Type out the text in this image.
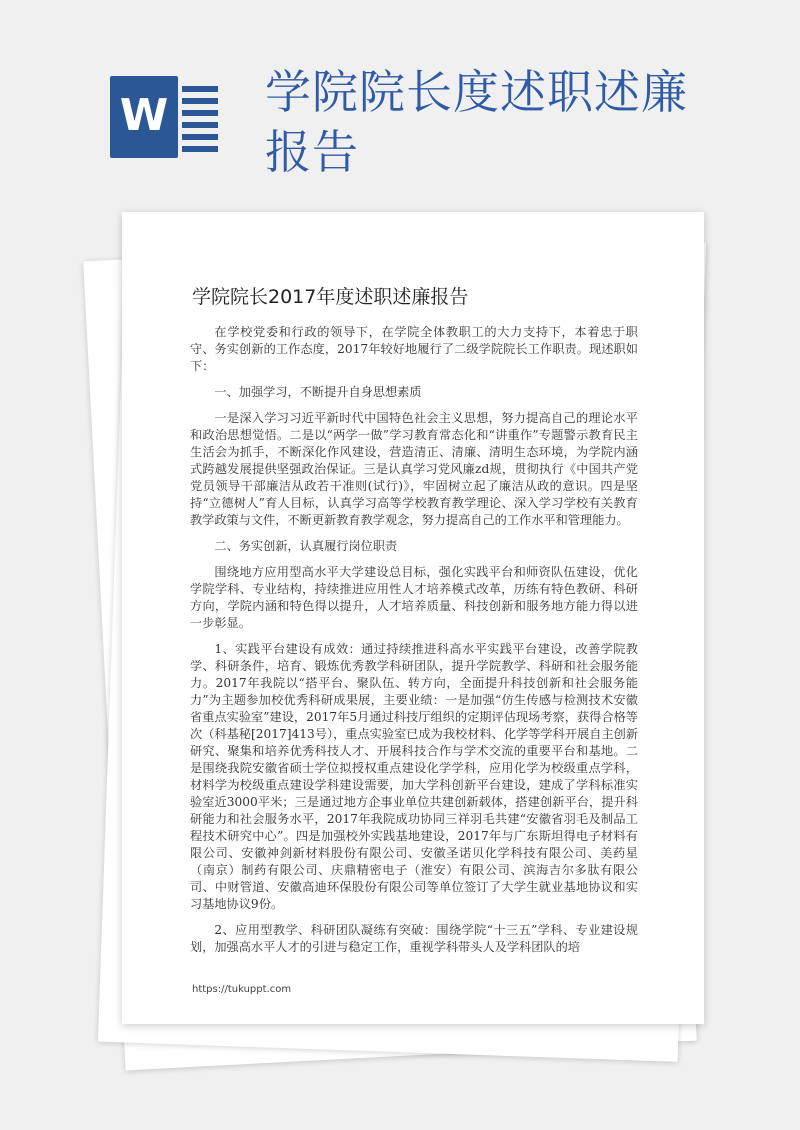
W 学院院长度述职述廉报告
学院院长2017年度述职述廉报告

在学校党委和行政的领导下，在学院全体教职工的大力支持下，本着忠于职守、务实创新的工作态度，2017年较好地履行了二级学院院长工作职责。现述职如下：

一、加强学习，不断提升自身思想素质

一是深入学习习近平新时代中国特色社会主义思想，努力提高自己的理论水平和政治思想觉悟。二是以“两学一做”学习教育常态化和“讲重作”专题警示教育民主生活会为抓手，不断深化作风建设，营造清正、清廉、清明生态环境，为学院内涵式跨越发展提供坚强政治保证。三是认真学习党风廉zd规，贯彻执行《中国共产党党员领导干部廉洁从政若干准则(试行)》，牢固树立起了廉洁从政的意识。四是坚持“立德树人”育人目标，认真学习高等学校教育教学理论、深入学习学校有关教育教学政策与文件，不断更新教育教学观念，努力提高自己的工作水平和管理能力。

二、务实创新，认真履行岗位职责

围绕地方应用型高水平大学建设总目标，强化实践平台和师资队伍建设，优化学院学科、专业结构，持续推进应用性人才培养模式改革，历练有特色教研、科研方向，学院内涵和特色得以提升，人才培养质量、科技创新和服务地方能力得以进一步彰显。

1、实践平台建设有成效：通过持续推进科高水平实践平台建设，改善学院教学、科研条件，培育、锻炼优秀教学科研团队，提升学院教学、科研和社会服务能力。2017年我院以“搭平台、聚队伍、转方向，全面提升科技创新和社会服务能力”为主题参加校优秀科研成果展，主要业绩：一是加强“仿生传感与检测技术安徽省重点实验室”建设，2017年5月通过科技厅组织的定期评估现场考察，获得合格等次（科基秘[2017]413号），重点实验室已成为我校材料、化学等学科开展自主创新研究、聚集和培养优秀科技人才、开展科技合作与学术交流的重要平台和基地。二是围绕我院安徽省硕士学位拟授权重点建设化学学科，应用化学为校级重点学科，材料学为校级重点建设学科建设需要，加大学科创新平台建设，建成了学科标准实验室近3000平米；三是通过地方企事业单位共建创新载体，搭建创新平台，提升科研能力和社会服务水平，2017年我院成功协同三祥羽毛共建“安徽省羽毛及制品工程技术研究中心”。四是加强校外实践基地建设，2017年与广东斯坦得电子材料有限公司、安徽神剑新材料股份有限公司、安徽圣诺贝化学科技有限公司、美药星（南京）制药有限公司、庆鼎精密电子（淮安）有限公司、滨海吉尔多肽有限公司、中财管道、安徽高迪环保股份有限公司等单位签订了大学生就业基地协议和实习基地协议9份。

2、应用型教学、科研团队凝练有突破：围绕学院“十三五”学科、专业建设规划，加强高水平人才的引进与稳定工作，重视学科带头人及学科团队的培

https://tukuppt.com
